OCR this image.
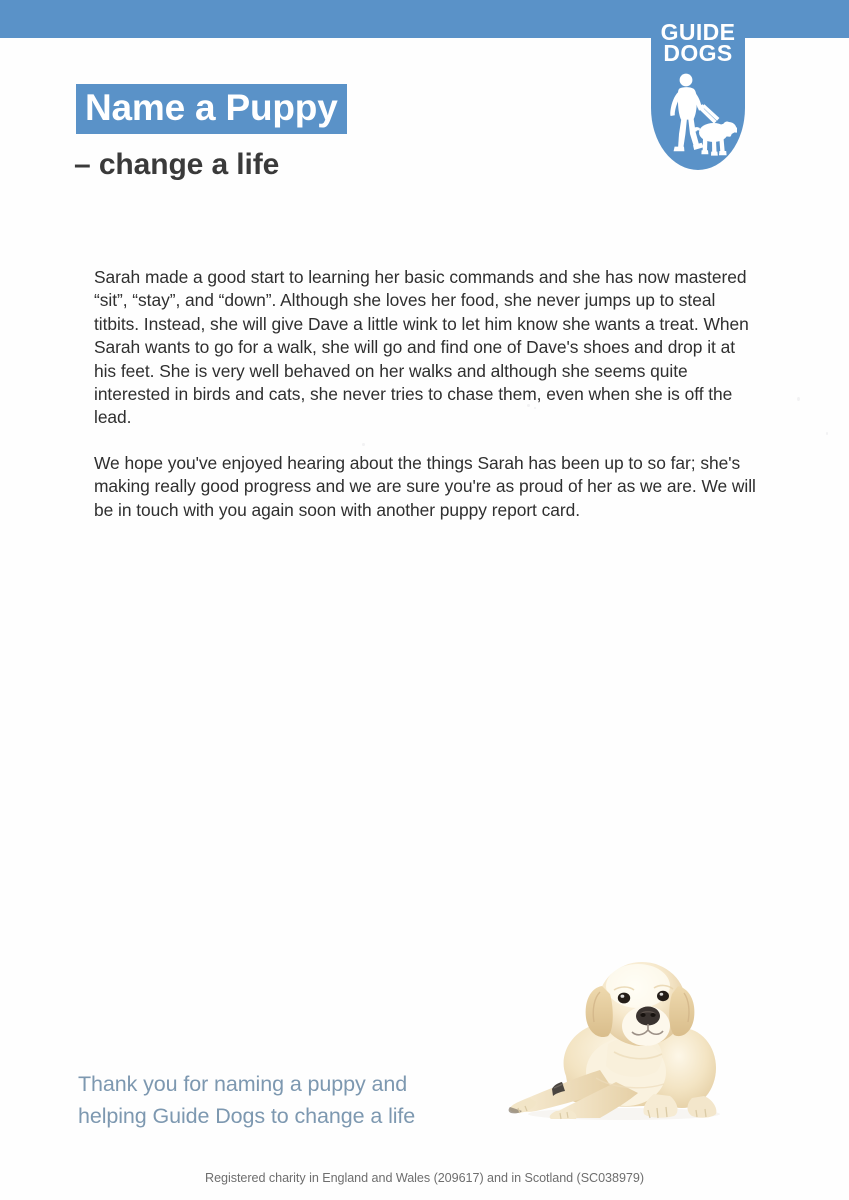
GUIDE
DOGS
Name a Puppy
– change a life

Sarah made a good start to learning her basic commands and she has now mastered “sit”, “stay”, and “down”. Although she loves her food, she never jumps up to steal titbits. Instead, she will give Dave a little wink to let him know she wants a treat. When Sarah wants to go for a walk, she will go and find one of Dave's shoes and drop it at his feet. She is very well behaved on her walks and although she seems quite interested in birds and cats, she never tries to chase them, even when she is off the lead.

We hope you've enjoyed hearing about the things Sarah has been up to so far; she's making really good progress and we are sure you're as proud of her as we are. We will be in touch with you again soon with another puppy report card.

Thank you for naming a puppy and
helping Guide Dogs to change a life
Registered charity in England and Wales (209617) and in Scotland (SC038979)
